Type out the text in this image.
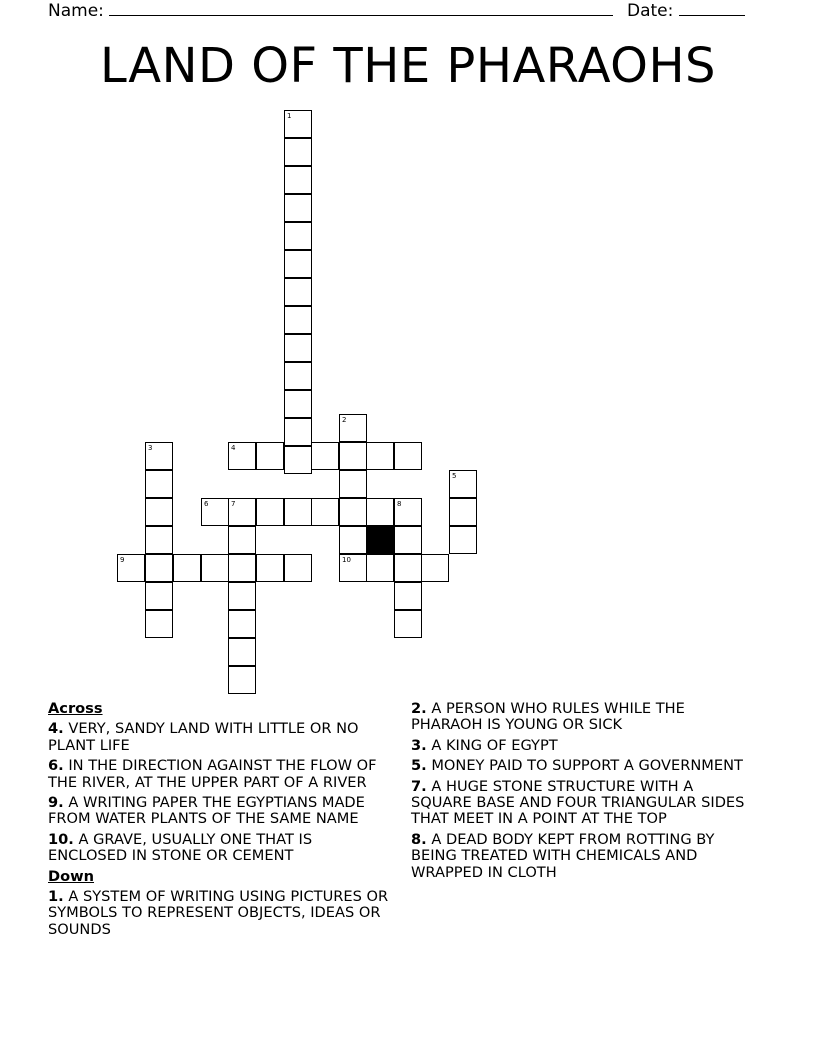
Name:	Date:
LAND OF THE PHARAOHS
1
2
10
3	4
5
6	7	8
9
Across
4. VERY, SANDY LAND WITH LITTLE OR NO PLANT LIFE
6. IN THE DIRECTION AGAINST THE FLOW OF THE RIVER, AT THE UPPER PART OF A RIVER
9. A WRITING PAPER THE EGYPTIANS MADE FROM WATER PLANTS OF THE SAME NAME
10. A GRAVE, USUALLY ONE THAT IS ENCLOSED IN STONE OR CEMENT
Down
1. A SYSTEM OF WRITING USING PICTURES OR SYMBOLS TO REPRESENT OBJECTS, IDEAS OR SOUNDS
2. A PERSON WHO RULES WHILE THE PHARAOH IS YOUNG OR SICK
3. A KING OF EGYPT
5. MONEY PAID TO SUPPORT A GOVERNMENT
7. A HUGE STONE STRUCTURE WITH A SQUARE BASE AND FOUR TRIANGULAR SIDES THAT MEET IN A POINT AT THE TOP
8. A DEAD BODY KEPT FROM ROTTING BY BEING TREATED WITH CHEMICALS AND WRAPPED IN CLOTH
